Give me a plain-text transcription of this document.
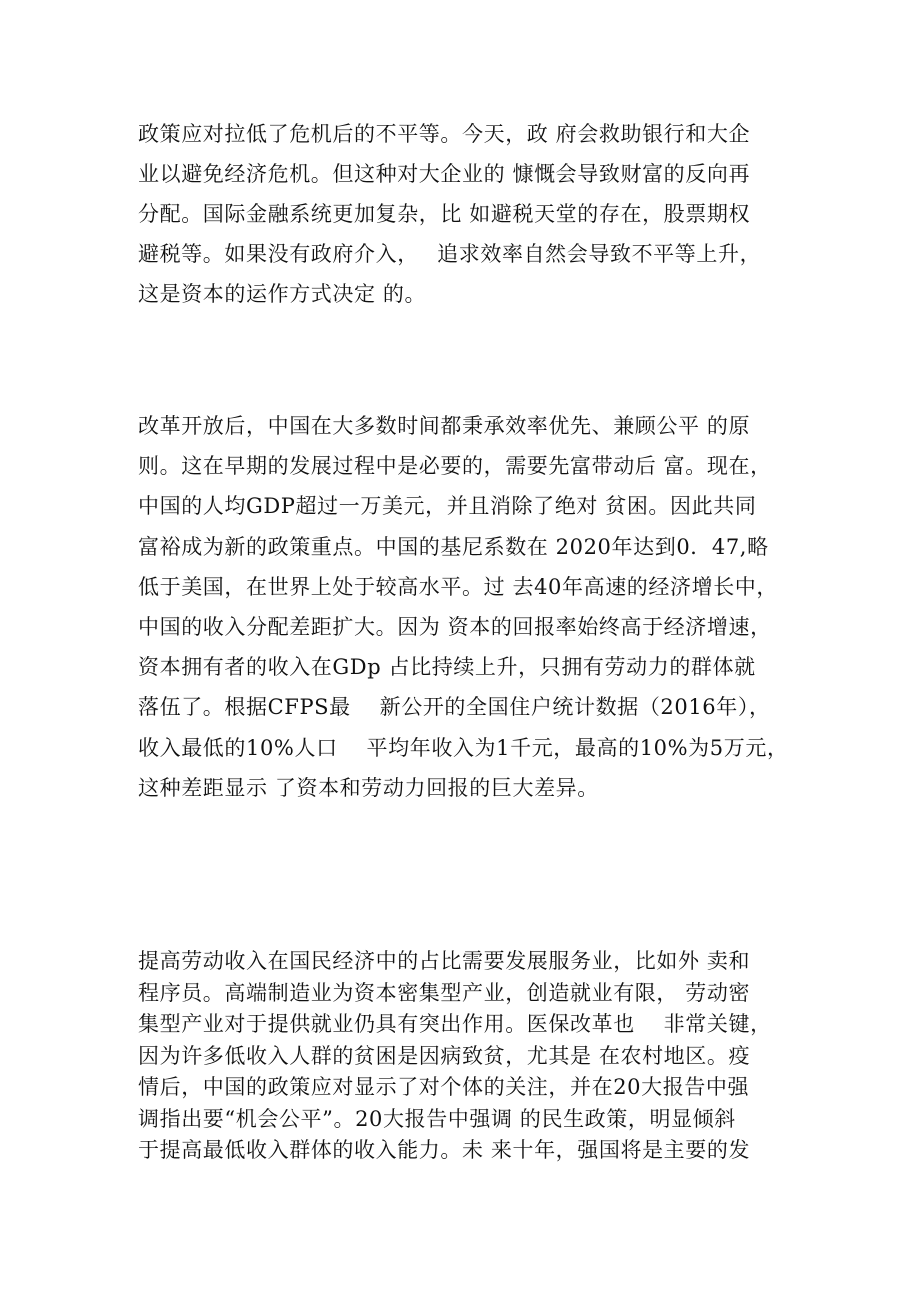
政策应对拉低了危机后的不平等。今天，政 府会救助银行和大企
业以避免经济危机。但这种对大企业的 慷慨会导致财富的反向再
分配。国际金融系统更加复杂，比 如避税天堂的存在，股票期权
避税等。如果没有政府介入，　 追求效率自然会导致不平等上升，
这是资本的运作方式决定 的。
改革开放后，中国在大多数时间都秉承效率优先、兼顾公平 的原
则。这在早期的发展过程中是必要的，需要先富带动后 富。现在，
中国的人均GDP超过一万美元，并且消除了绝对 贫困。因此共同
富裕成为新的政策重点。中国的基尼系数在 2020年达到0．47,略
低于美国，在世界上处于较高水平。过 去40年高速的经济增长中，
中国的收入分配差距扩大。因为 资本的回报率始终高于经济增速，
资本拥有者的收入在GDp 占比持续上升，只拥有劳动力的群体就
落伍了。根据CFPS最　 新公开的全国住户统计数据（2016年），
收入最低的10%人口　 平均年收入为1千元，最高的10%为5万元，
这种差距显示 了资本和劳动力回报的巨大差异。
提高劳动收入在国民经济中的占比需要发展服务业，比如外 卖和
程序员。高端制造业为资本密集型产业，创造就业有限， 劳动密
集型产业对于提供就业仍具有突出作用。医保改革也　 非常关键，
因为许多低收入人群的贫困是因病致贫，尤其是 在农村地区。疫
情后，中国的政策应对显示了对个体的关注，并在20大报告中强
调指出要“机会公平”。20大报告中强调 的民生政策，明显倾斜
于提高最低收入群体的收入能力。未 来十年，强国将是主要的发
